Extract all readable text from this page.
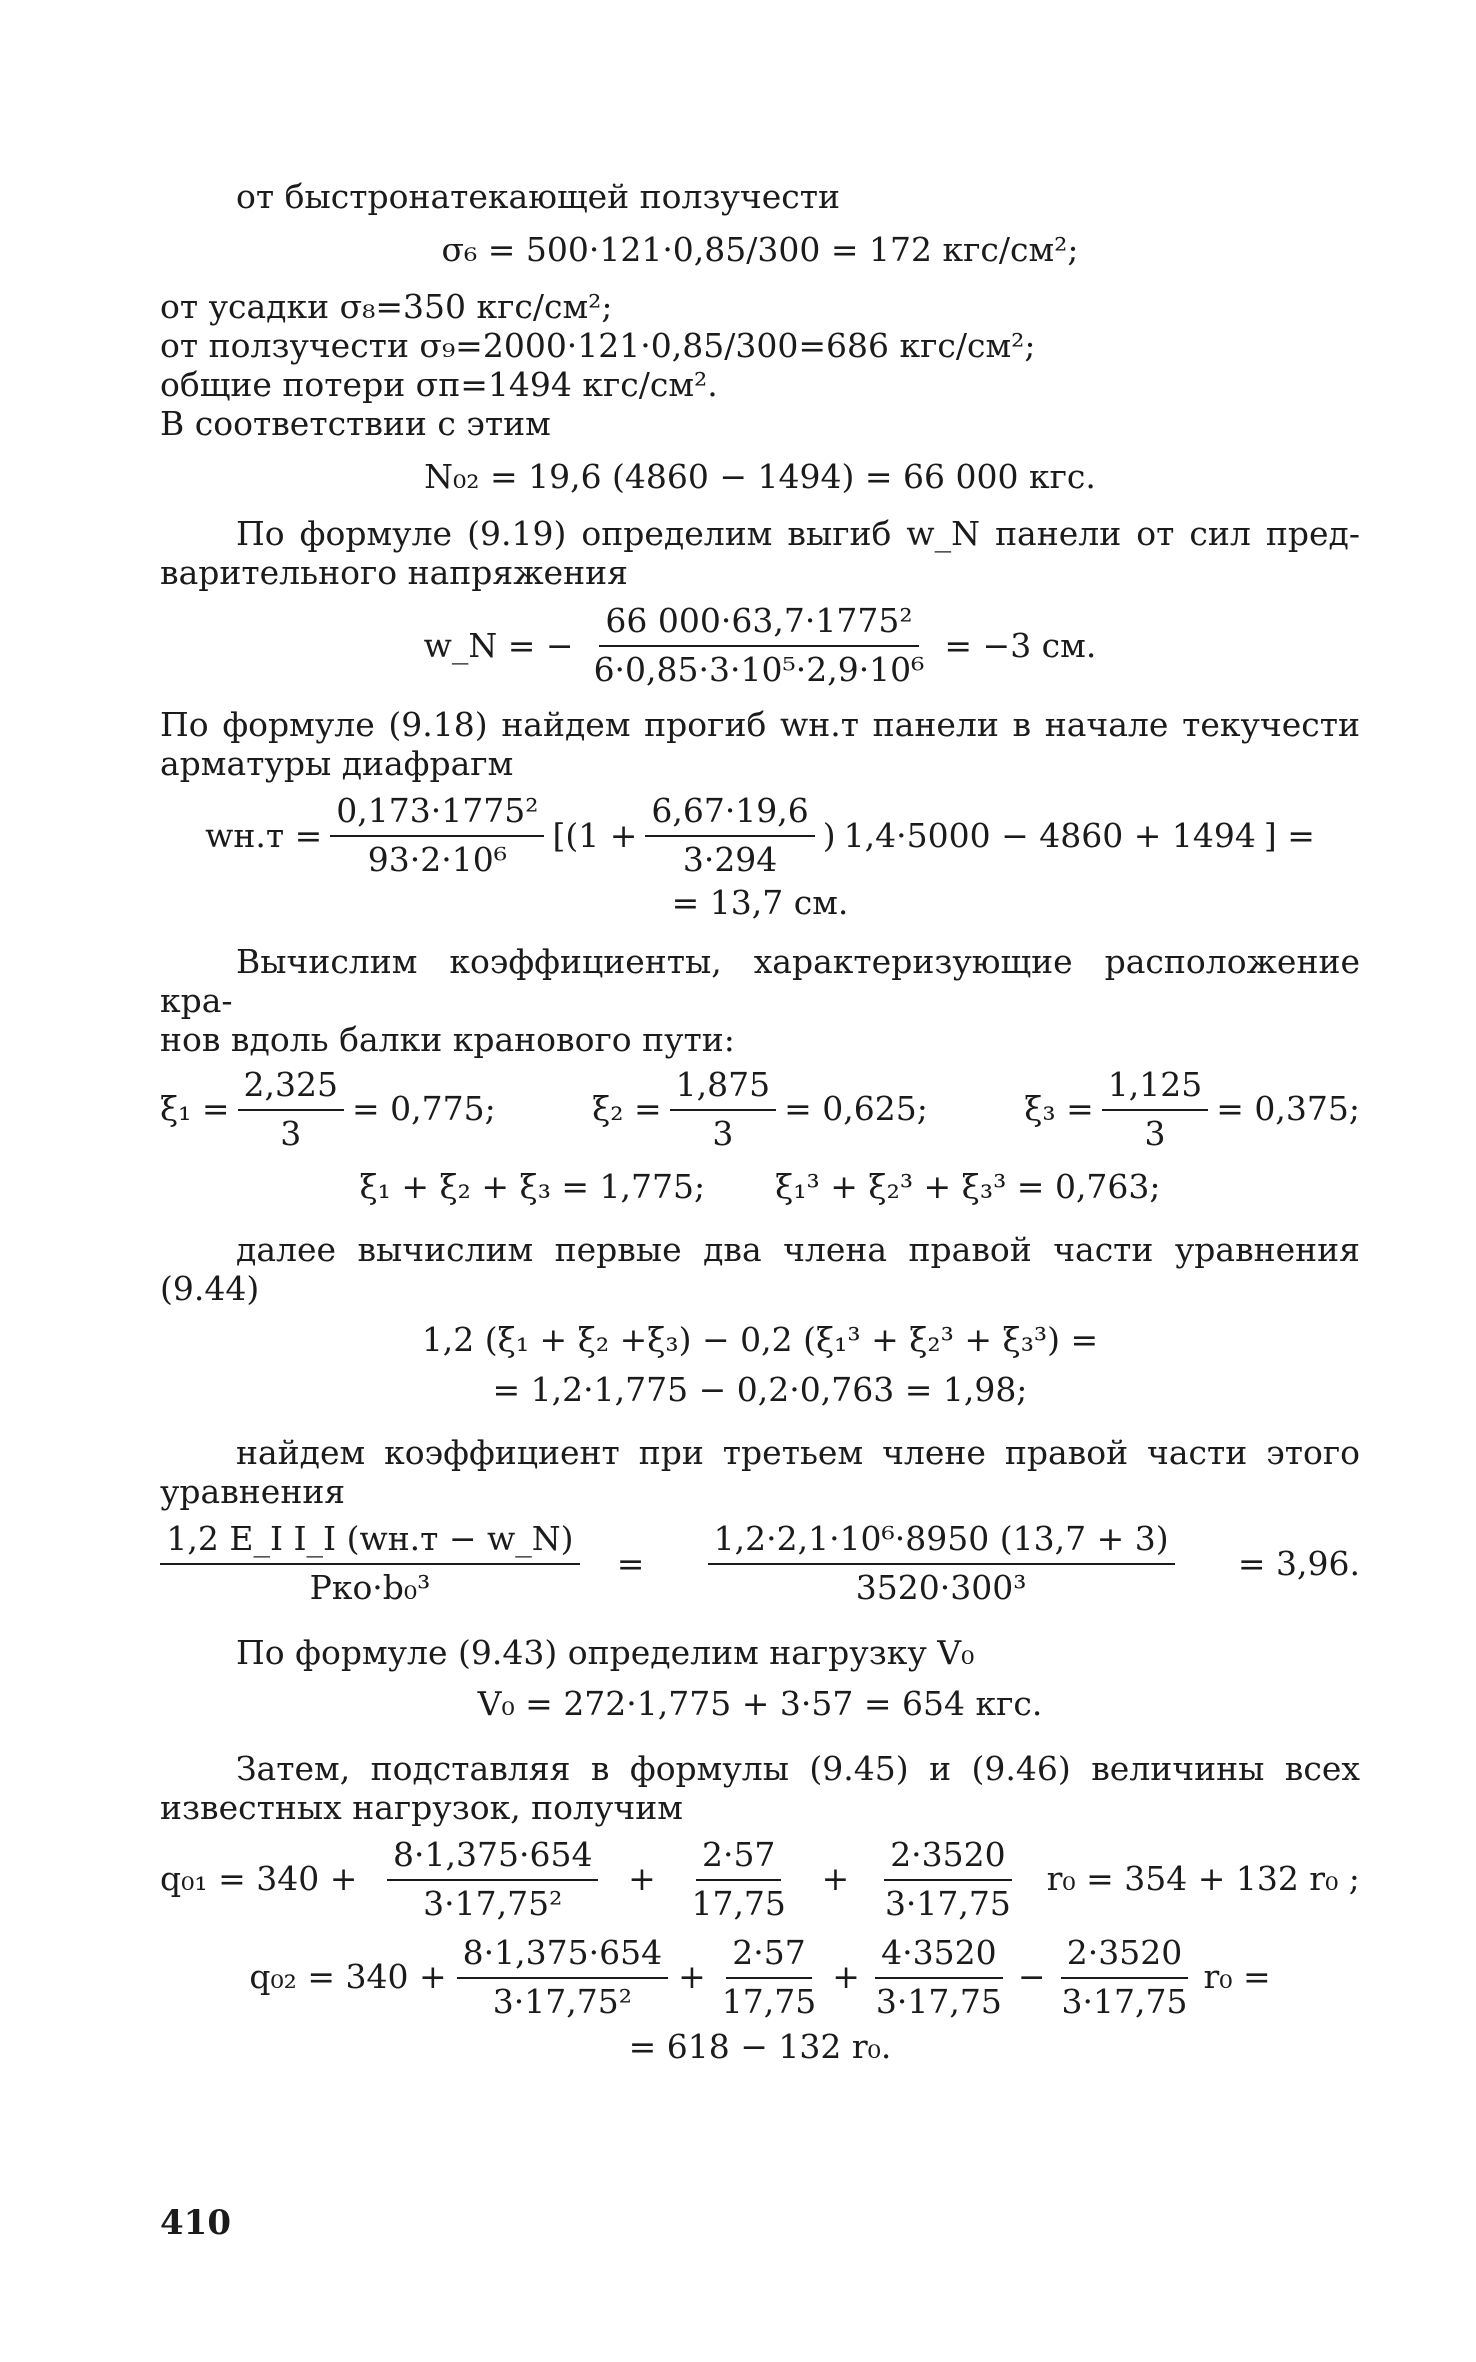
от быстронатекающей ползучести

σ₆ = 500·121·0,85/300 = 172 кгс/см²;

от усадки σ₈=350 кгс/см²;

от ползучести σ₉=2000·121·0,85/300=686 кгс/см²;

общие потери σп=1494 кгс/см².

В соответствии с этим

N₀₂ = 19,6 (4860 − 1494) = 66 000 кгс.

По формуле (9.19) определим выгиб w_N панели от сил пред-

варительного напряжения

w_N = − $\frac{\text{66 000·63,7·1775²}}{\text{6·0,85·3·10⁵·2,9·10⁶}} = -3$ см.

По формуле (9.18) найдем прогиб wн.т панели в начале текучести

арматуры диафрагм

$wн.т = \frac{\text{0,173·1775²}}{\text{93·2·10⁶}} [(1 + \frac{6,67\cdot 19,6}{3\cdot 294}$ ) 1,4·5000 − 4860 + 1494 ] =

= 13,7 см.

Вычислим коэффициенты, характеризующие расположение кра-

нов вдоль балки кранового пути:

$\xi_1 = \frac{2,325}{3} = 0,775$;	$\xi_2 = \frac{1,875}{3} = 0,625$;	$\xi_3 = \frac{1,125}{3} = 0,375$;
ξ₁ + ξ₂ + ξ₃ = 1,775; ξ₁³ + ξ₂³ + ξ₃³ = 0,763;

далее вычислим первые два члена правой части уравнения

(9.44)

1,2 (ξ₁ + ξ₂ +ξ₃) − 0,2 (ξ₁³ + ξ₂³ + ξ₃³) =

= 1,2·1,775 − 0,2·0,763 = 1,98;

найдем коэффициент при третьем члене правой части этого

уравнения

$\frac{\text{1,2 E\_I I\_I (wн.т − w\_N)}}{\text{Pко·b₀³}} = \frac{\text{1,2·2,1·10⁶·8950 (13,7 + 3)}}{\text{3520·300³}} = 3,96$.

По формуле (9.43) определим нагрузку V₀

V₀ = 272·1,775 + 3·57 = 654 кгс.

Затем, подставляя в формулы (9.45) и (9.46) величины всех

известных нагрузок, получим

$q_{01} = 340 + \frac{8\cdot 1,375\cdot 654}{\text{3·17,75²}} + \frac{2\cdot 57}{17,75} + \frac{2\cdot 3520}{3\cdot 17,75} r_0 = 354 + 132$ r₀ ;
$q_{02} = 340 + \frac{8\cdot 1,375\cdot 654}{\text{3·17,75²}} + \frac{2\cdot 57}{17,75} + \frac{4\cdot 3520}{3\cdot 17,75} - \frac{2\cdot 3520}{3\cdot 17,75} r_0$ =

= 618 − 132 r₀.

410
